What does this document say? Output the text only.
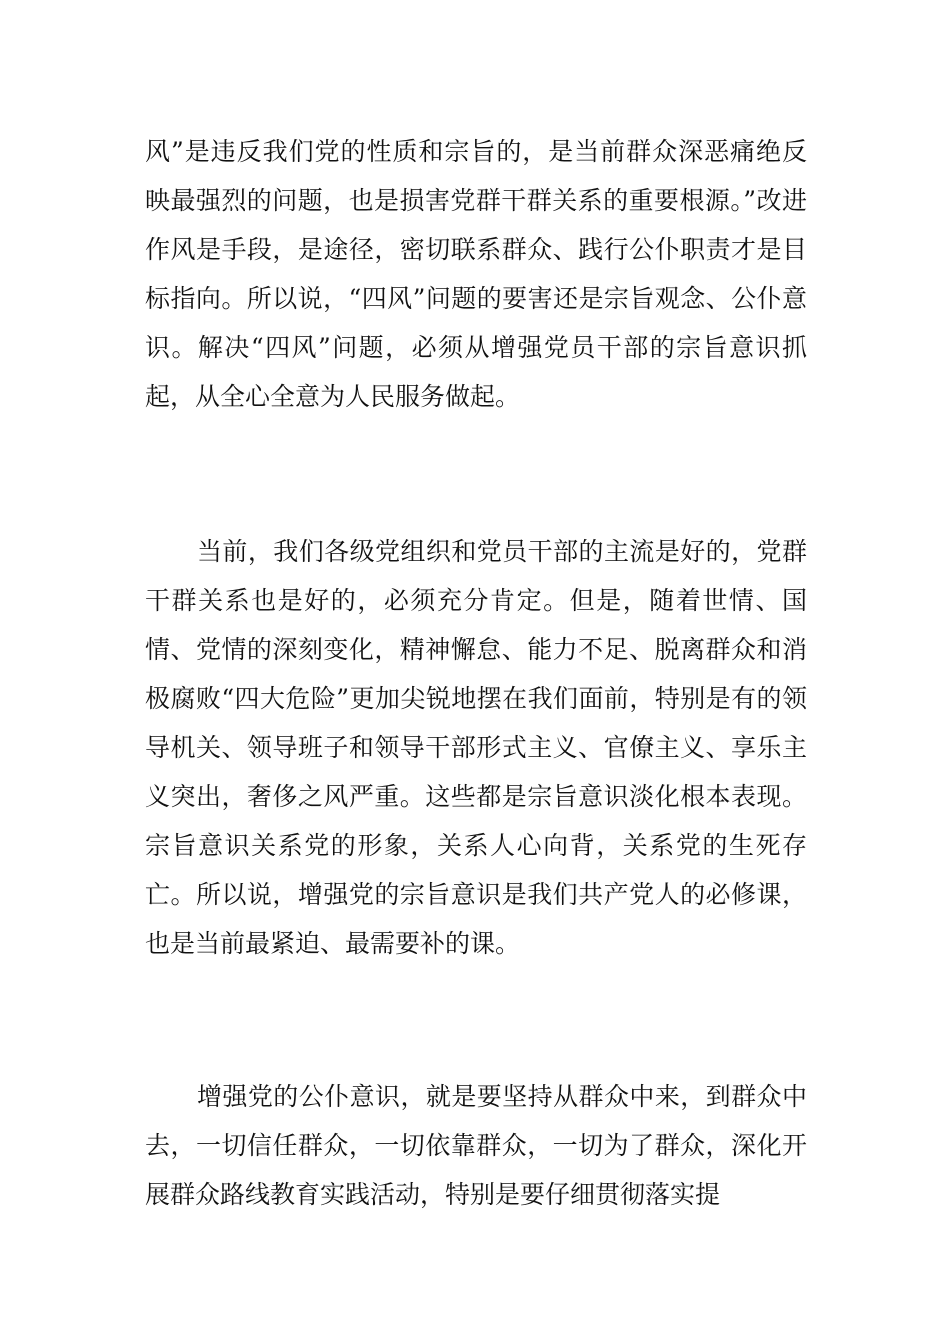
风”是违反我们党的性质和宗旨的，是当前群众深恶痛绝反映最强烈的问题，也是损害党群干群关系的重要根源。”改进作风是手段，是途径，密切联系群众、践行公仆职责才是目标指向。所以说，“四风”问题的要害还是宗旨观念、公仆意识。解决“四风”问题，必须从增强党员干部的宗旨意识抓起，从全心全意为人民服务做起。

当前，我们各级党组织和党员干部的主流是好的，党群干群关系也是好的，必须充分肯定。但是，随着世情、国情、党情的深刻变化，精神懈怠、能力不足、脱离群众和消极腐败“四大危险”更加尖锐地摆在我们面前，特别是有的领导机关、领导班子和领导干部形式主义、官僚主义、享乐主义突出，奢侈之风严重。这些都是宗旨意识淡化根本表现。宗旨意识关系党的形象，关系人心向背，关系党的生死存亡。所以说，增强党的宗旨意识是我们共产党人的必修课，也是当前最紧迫、最需要补的课。

增强党的公仆意识，就是要坚持从群众中来，到群众中去，一切信任群众，一切依靠群众，一切为了群众，深化开展群众路线教育实践活动，特别是要仔细贯彻落实提
